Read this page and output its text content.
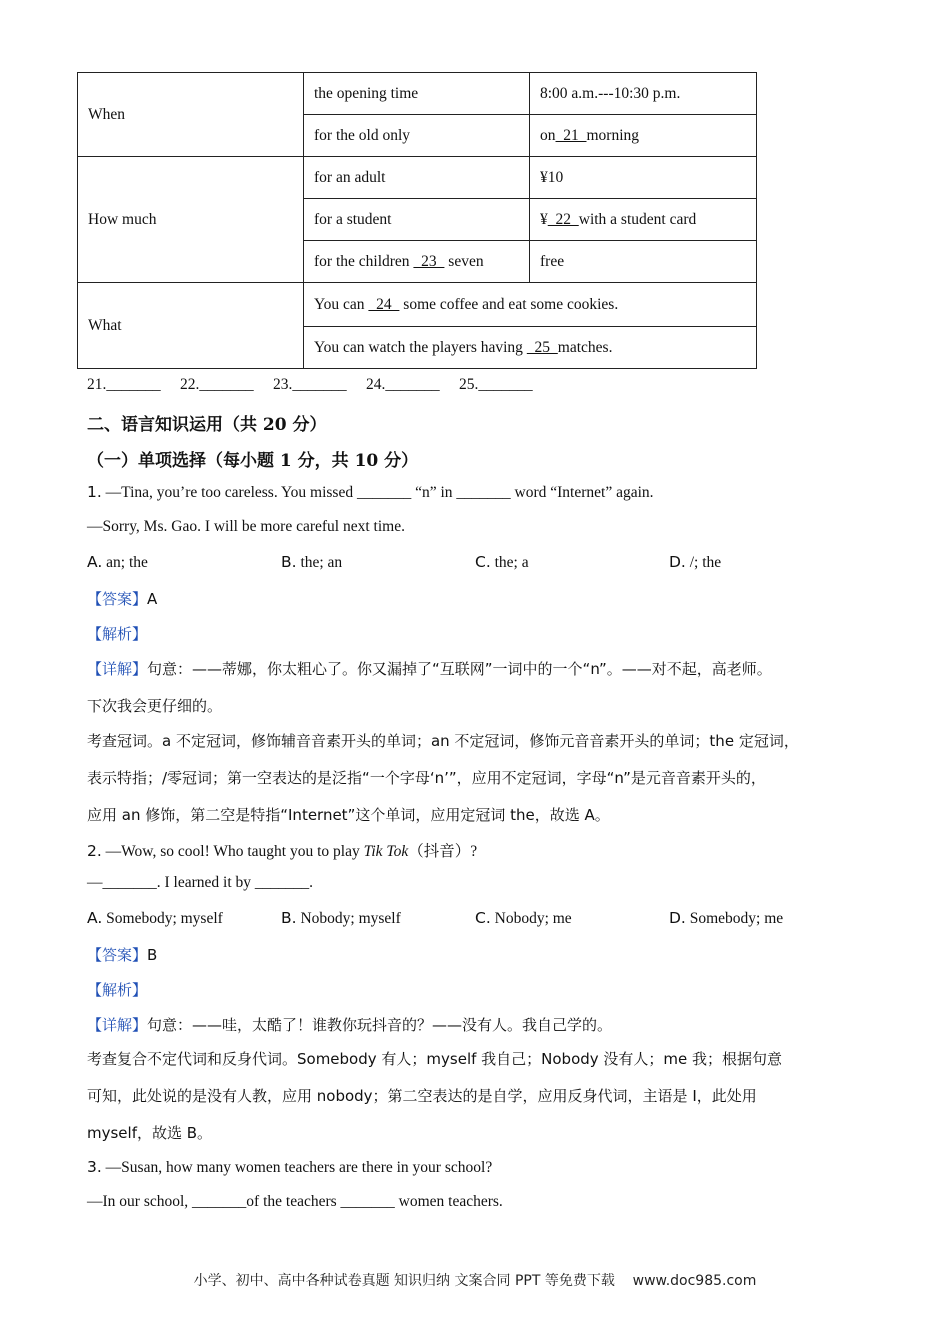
When	the opening time	8:00 a.m.---10:30 p.m.
	for the old only	on  21  morning
How much	for an adult	¥10
	for a student	¥  22  with a student card
	for the children   23   seven	free
What	You can   24   some coffee and eat some cookies.	
	You can watch the players having   25  matches.	
21._______     22._______     23._______     24._______     25._______
二、语言知识运用（共 20 分）
（一）单项选择（每小题 1 分，共 10 分）
1. —Tina, you’re too careless. You missed _______ “n” in _______ word “Internet” again.
—Sorry, Ms. Gao. I will be more careful next time.
A. an; the	B. the; an	C. the; a	D. /; the
【答案】A
【解析】
【详解】句意：——蒂娜，你太粗心了。你又漏掉了“互联网”一词中的一个“n”。——对不起，高老师。
下次我会更仔细的。
考查冠词。a 不定冠词，修饰辅音音素开头的单词；an 不定冠词，修饰元音音素开头的单词；the 定冠词，
表示特指；/零冠词；第一空表达的是泛指“一个字母‘n’”，应用不定冠词，字母“n”是元音音素开头的，
应用 an 修饰，第二空是特指“Internet”这个单词，应用定冠词 the，故选 A。
2. —Wow, so cool! Who taught you to play Tik Tok（抖音）?
—_______. I learned it by _______.
A. Somebody; myself	B. Nobody; myself	C. Nobody; me	D. Somebody; me
【答案】B
【解析】
【详解】句意：——哇，太酷了！谁教你玩抖音的？——没有人。我自己学的。
考查复合不定代词和反身代词。Somebody 有人；myself 我自己；Nobody 没有人；me 我；根据句意
可知，此处说的是没有人教，应用 nobody；第二空表达的是自学，应用反身代词，主语是 I，此处用
myself，故选 B。
3. —Susan, how many women teachers are there in your school?
—In our school, _______of the teachers _______ women teachers.
小学、初中、高中各种试卷真题 知识归纳 文案合同 PPT 等免费下载    www.doc985.com
